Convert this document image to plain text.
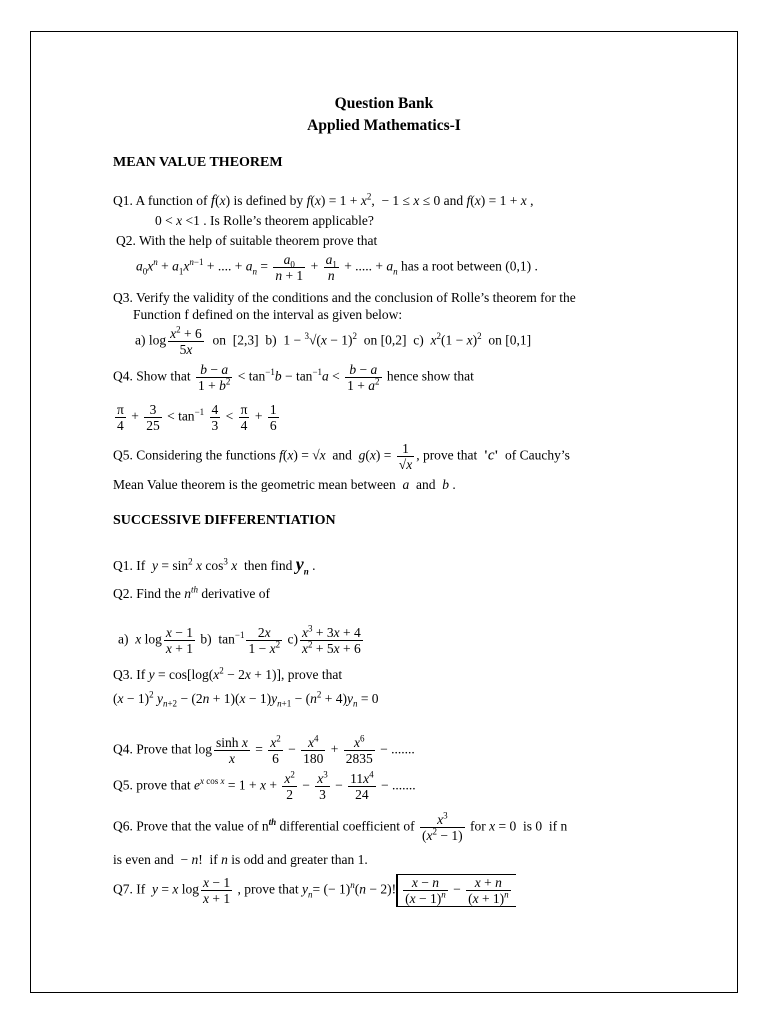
Question Bank
Applied Mathematics-I
MEAN VALUE THEOREM
Q1. A function of f(x) is defined by $f(x) = 1 + x^2$,  − 1 ≤ x ≤ 0 and f(x) = 1 + x ,
0 < x <1 . Is Rolle’s theorem applicable?
Q2. With the help of suitable theorem prove that
$a_0x^n + a_1x^{n-1}$ + .... + $a_n = \frac{a_0}{n + 1} + \frac{a_1}{n}$ + ..... + $a_n$ has a root between (0,1) .
Q3. Verify the validity of the conditions and the conclusion of Rolle’s theorem for the
Function f defined on the interval as given below:
a) $\log \frac{x^2 + 6}{5x}$ on  [2,3]  b)  $1 - ^3√(x - 1)^2$  on [0,2]  c)  $x^2(1 - x)^2$  on [0,1]
Q4. Show that $\frac{b - a}{1 + b^2} < \tan^{-1}b - \tan^{-1}a < \frac{b - a}{1 + a^2}$ hence show that
$\frac{\pi}{4} + \frac{3}{25} < \tan^{-1} \frac{4}{3} < \frac{\pi}{4} + \frac{1}{6}$
Q5. Considering the functions f(x) = √x and $g(x) = \frac{1}{√x}$ , prove that 'c' of Cauchy’s
Mean Value theorem is the geometric mean between a and b .
SUCCESSIVE DIFFERENTIATION
Q1. If $y = \sin^2 x$ $\cos^3 x$ then find $y_n$ .
Q2. Find the $n^{th}$ derivative of
a)  x $\log \frac{x - 1}{x + 1} b$)  $\tan^{-1} \frac{2x}{1 - x^2} c) \frac{x^3 + 3x + 4}{x^2 + 5x + 6}$
Q3. If $y = \cos[\log(x^2 - 2x + 1)]$, prove that
$(x - 1)^2$ $y_{n+2} - (2n + 1)(x - 1)y_{n+1} - (n^2 + 4)y_n = 0$
Q4. Prove that $\log \frac{\text{sinh x}}{x} = \frac{x^2}{6} - \frac{x^4}{180} + \frac{x^6}{2835}$ − .......
Q5. prove that $e^{x cos x} = 1 + x + \frac{x^2}{2} - \frac{x^3}{3} - \frac{11x^4}{24}$ − .......
Q6. Prove that the value of $n^{th}$ differential coefficient of $\frac{x^3}{(x^2 - 1)}$ for x = 0  is 0  if n
is even and  − n!  if n is odd and greater than 1.
Q7. If y = x $\log \frac{x - 1}{x + 1}$ , prove that $y_n=$ (− 1)$^n$(n − 2)! $\frac{x - n}{(x - 1)^n} - \frac{x + n}{(x + 1)^n}$
